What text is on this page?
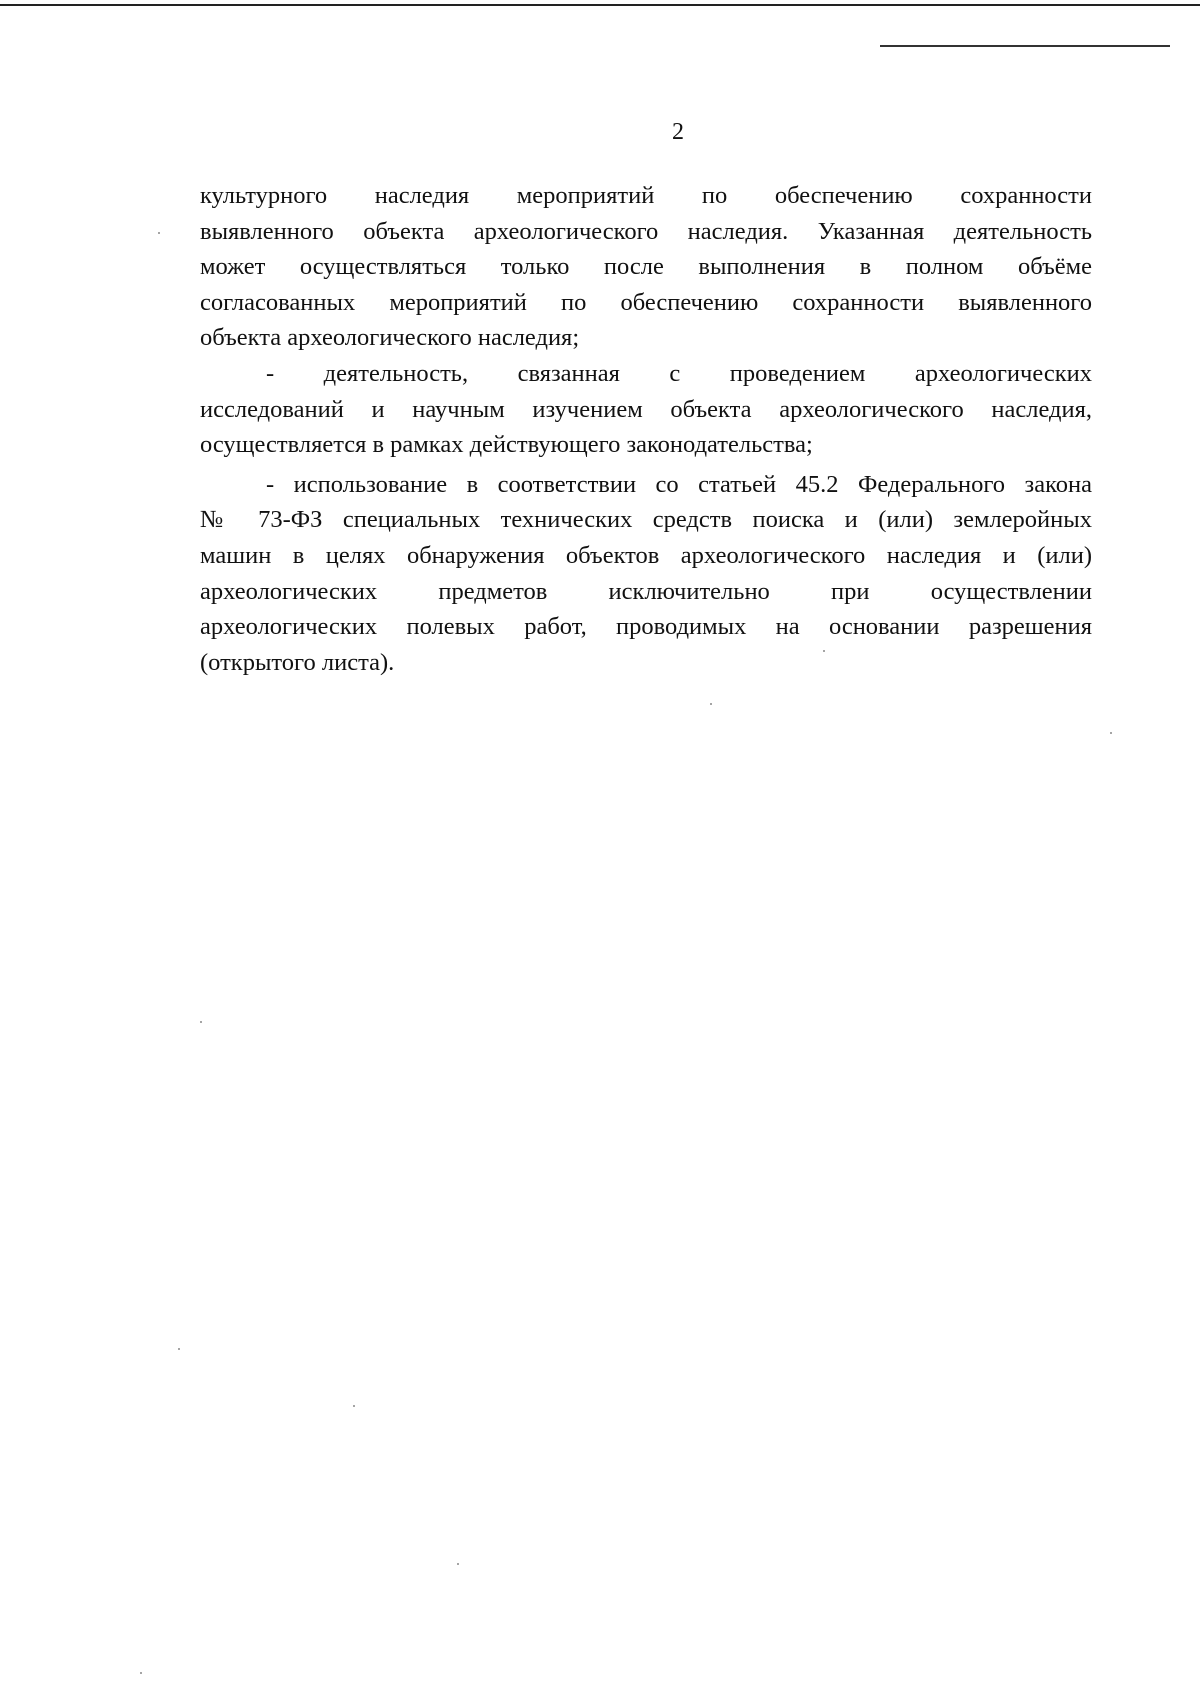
2

культурного наследия мероприятий по обеспечению сохранности
выявленного объекта археологического наследия. Указанная деятельность
может осуществляться только после выполнения в полном объёме
согласованных мероприятий по обеспечению сохранности выявленного
объекта археологического наследия;

- деятельность, связанная с проведением археологических
исследований и научным изучением объекта археологического наследия,
осуществляется в рамках действующего законодательства;

- использование в соответствии со статьей 45.2 Федерального закона
№ 73-ФЗ специальных технических средств поиска и (или) землеройных
машин в целях обнаружения объектов археологического наследия и (или)
археологических предметов исключительно при осуществлении
археологических полевых работ, проводимых на основании разрешения
(открытого листа).
